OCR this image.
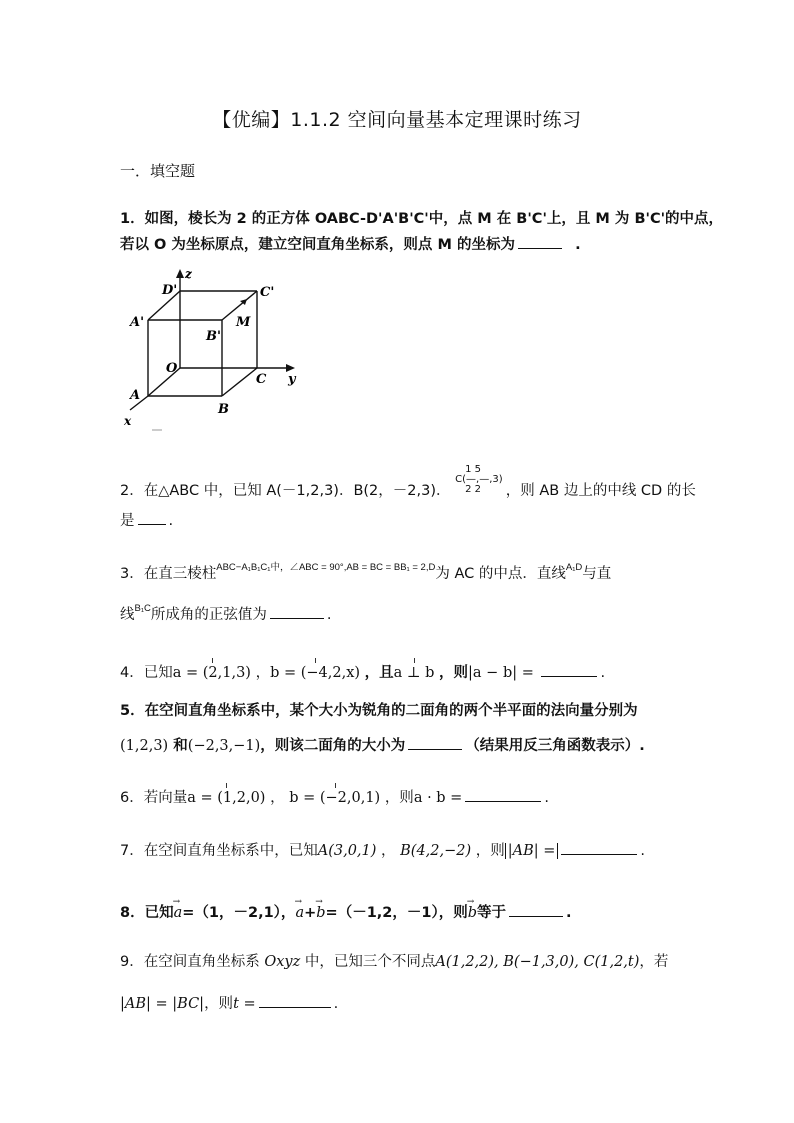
【优编】1.1.2 空间向量基本定理课时练习
一．填空题
1．如图，棱长为 2 的正方体 OABC-D'A'B'C'中，点 M 在 B'C'上，且 M 为 B'C'的中点，
若以 O 为坐标原点，建立空间直角坐标系，则点 M 的坐标为	.
z
D'	C'
A'	M
B'
O
C y
A
B
x
2．在△ABC 中，已知 A(－1,2,3)．B(2，－2,3)．
1 5
C(—,—,3)
2 2 ，则 AB 边上的中线 CD 的长
是 .
3．在直三棱柱$^{ABC-A_1B_1C_1中,\angle ABC = 90^\circ,AB = BC = BB_1 = 2,D}$为 AC 的中点．直线$^{A_1D}$与直
线$^{B_1C}$所成角的正弦值为	.
4．已知a = (2,1,3) ，b = (−4,2,x) ，且a ⊥ b ，则|a − b| =	.
5．在空间直角坐标系中，某个大小为锐角的二面角的两个半平面的法向量分别为
(1,2,3) 和(−2,3,−1)，则该二面角的大小为	（结果用反三角函数表示）.
6．若向量a = (1,2,0) ， b = (−2,0,1) ，则a · b =	.
7．在空间直角坐标系中，已知A(3,0,1) ， B(4,2,−2) ，则 |AB| =	.
8．已知→ a=（1，－2,1），→ a+→ b=（－1,2，－1），则→ b等于	.
9．在空间直角坐标系 Oxyz 中，已知三个不同点A(1,2,2), B(−1,3,0), C(1,2,t)，若
|AB| = |BC|，则t =	.
